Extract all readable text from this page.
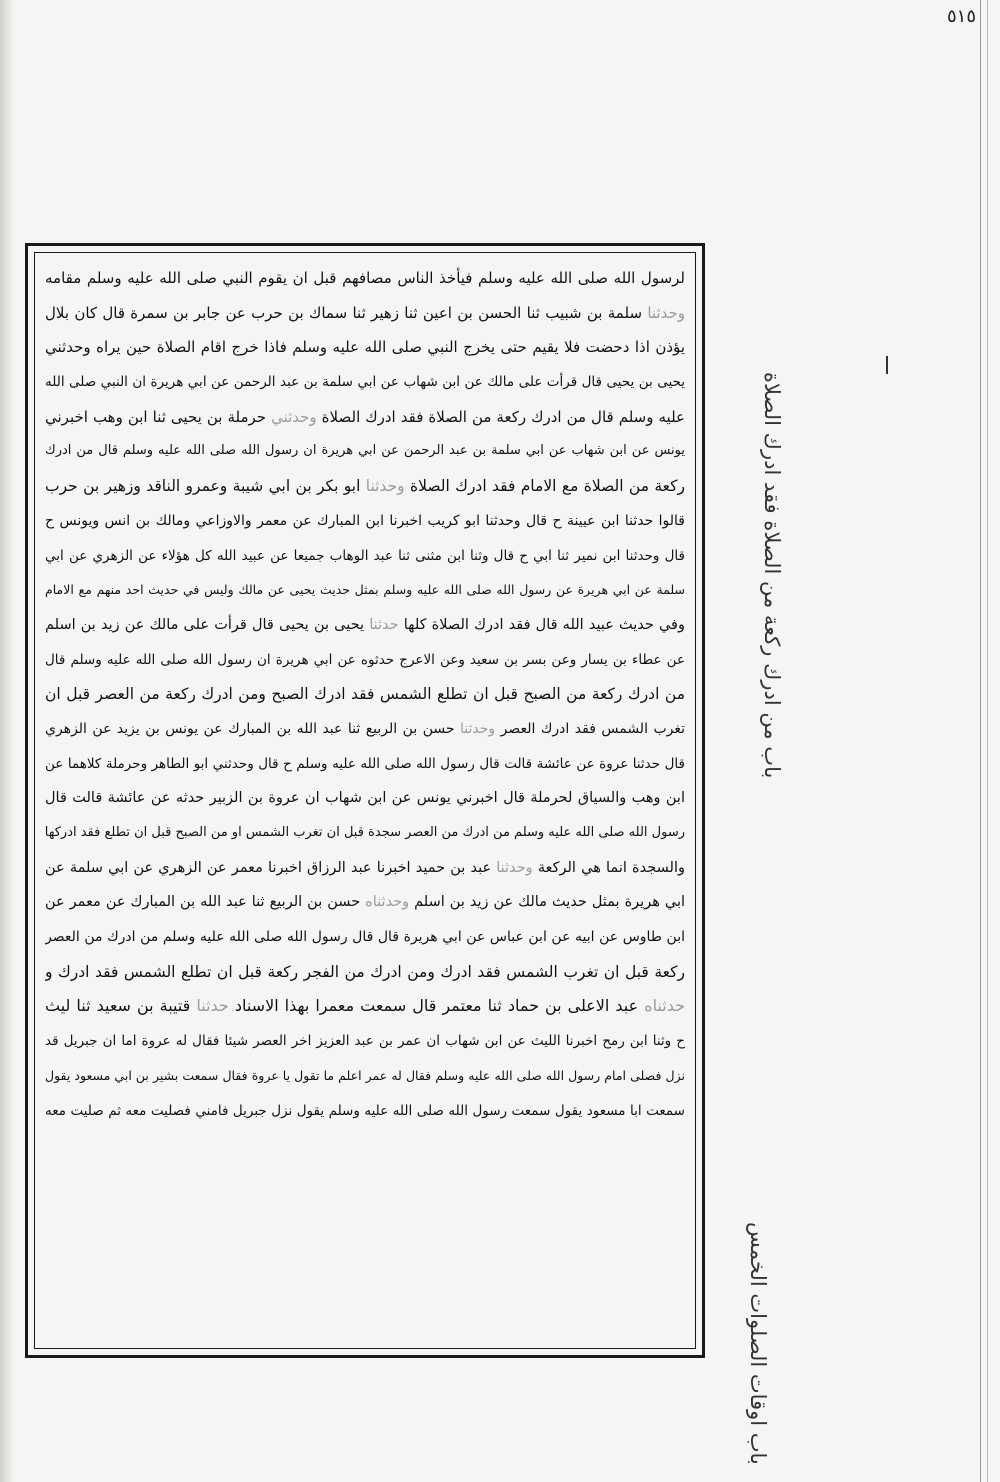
٥١٥
باب من ادرك ركعة من الصلاة فقد ادرك الصلاة
باب اوقات الصلوات الخمس
لرسول الله صلى الله عليه وسلم فيأخذ الناس مصافهم قبل ان يقوم النبي صلى الله عليه وسلم مقامه
وحدثنا سلمة بن شبيب ثنا الحسن بن اعين ثنا زهير ثنا سماك بن حرب عن جابر بن سمرة قال كان بلال
يؤذن اذا دحضت فلا يقيم حتى يخرج النبي صلى الله عليه وسلم فاذا خرج اقام الصلاة حين يراه وحدثني
يحيى بن يحيى قال قرأت على مالك عن ابن شهاب عن ابي سلمة بن عبد الرحمن عن ابي هريرة ان النبي صلى الله
عليه وسلم قال من ادرك ركعة من الصلاة فقد ادرك الصلاة وحدثني حرملة بن يحيى ثنا ابن وهب اخبرني
يونس عن ابن شهاب عن ابي سلمة بن عبد الرحمن عن ابي هريرة ان رسول الله صلى الله عليه وسلم قال من ادرك
ركعة من الصلاة مع الامام فقد ادرك الصلاة وحدثنا ابو بكر بن ابي شيبة وعمرو الناقد وزهير بن حرب
قالوا حدثنا ابن عيينة ح قال وحدثنا ابو كريب اخبرنا ابن المبارك عن معمر والاوزاعي ومالك بن انس ويونس ح
قال وحدثنا ابن نمير ثنا ابي ح قال وثنا ابن مثنى ثنا عبد الوهاب جميعا عن عبيد الله كل هؤلاء عن الزهري عن ابي
سلمة عن ابي هريرة عن رسول الله صلى الله عليه وسلم بمثل حديث يحيى عن مالك وليس في حديث احد منهم مع الامام
وفي حديث عبيد الله قال فقد ادرك الصلاة كلها حدثنا يحيى بن يحيى قال قرأت على مالك عن زيد بن اسلم
عن عطاء بن يسار وعن بسر بن سعيد وعن الاعرج حدثوه عن ابي هريرة ان رسول الله صلى الله عليه وسلم قال
من ادرك ركعة من الصبح قبل ان تطلع الشمس فقد ادرك الصبح ومن ادرك ركعة من العصر قبل ان
تغرب الشمس فقد ادرك العصر وحدثنا حسن بن الربيع ثنا عبد الله بن المبارك عن يونس بن يزيد عن الزهري
قال حدثنا عروة عن عائشة قالت قال رسول الله صلى الله عليه وسلم ح قال وحدثني ابو الطاهر وحرملة كلاهما عن
ابن وهب والسياق لحرملة قال اخبرني يونس عن ابن شهاب ان عروة بن الزبير حدثه عن عائشة قالت قال
رسول الله صلى الله عليه وسلم من ادرك من العصر سجدة قبل ان تغرب الشمس او من الصبح قبل ان تطلع فقد ادركها
والسجدة انما هي الركعة وحدثنا عبد بن حميد اخبرنا عبد الرزاق اخبرنا معمر عن الزهري عن ابي سلمة عن
ابي هريرة بمثل حديث مالك عن زيد بن اسلم وحدثناه حسن بن الربيع ثنا عبد الله بن المبارك عن معمر عن
ابن طاوس عن ابيه عن ابن عباس عن ابي هريرة قال قال رسول الله صلى الله عليه وسلم من ادرك من العصر
ركعة قبل ان تغرب الشمس فقد ادرك ومن ادرك من الفجر ركعة قبل ان تطلع الشمس فقد ادرك و
حدثناه عبد الاعلى بن حماد ثنا معتمر قال سمعت معمرا بهذا الاسناد حدثنا قتيبة بن سعيد ثنا ليث
ح وثنا ابن رمح اخبرنا الليث عن ابن شهاب ان عمر بن عبد العزيز اخر العصر شيئا فقال له عروة اما ان جبريل قد
نزل فصلى امام رسول الله صلى الله عليه وسلم فقال له عمر اعلم ما تقول يا عروة فقال سمعت بشير بن ابي مسعود يقول
سمعت ابا مسعود يقول سمعت رسول الله صلى الله عليه وسلم يقول نزل جبريل فامني فصليت معه ثم صليت معه
